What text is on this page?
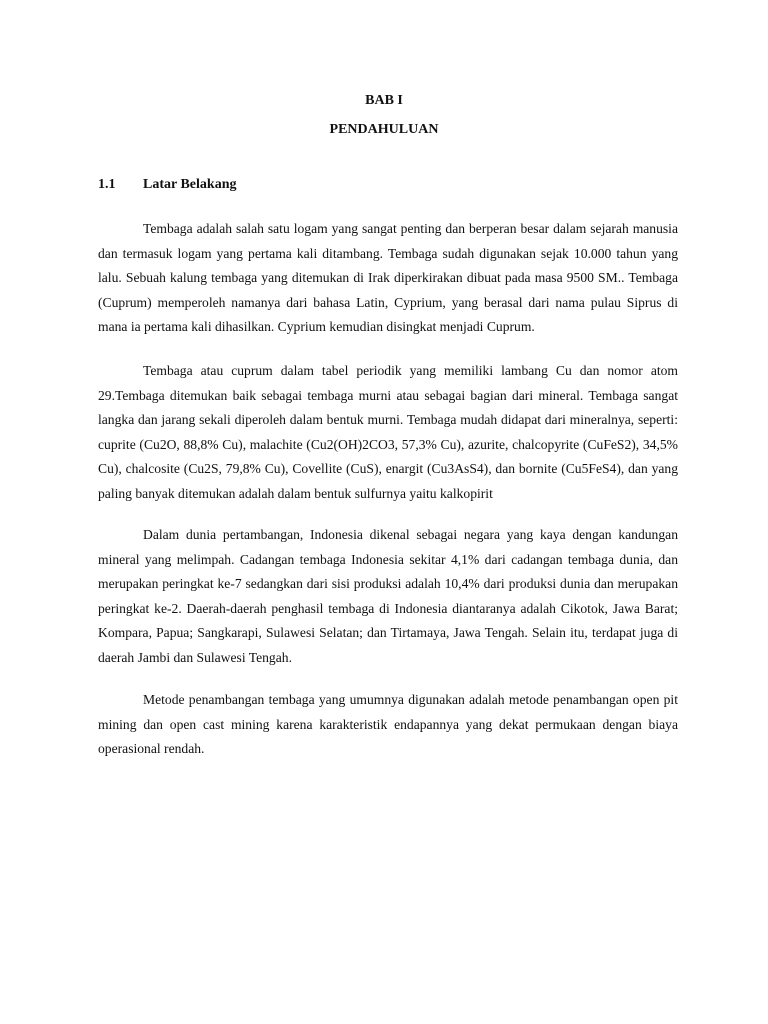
BAB I
PENDAHULUAN
1.1 Latar Belakang

Tembaga adalah salah satu logam yang sangat penting dan berperan besar dalam sejarah manusia dan termasuk logam yang pertama kali ditambang. Tembaga sudah digunakan sejak 10.000 tahun yang lalu. Sebuah kalung tembaga yang ditemukan di Irak diperkirakan dibuat pada masa 9500 SM.. Tembaga (Cuprum) memperoleh namanya dari bahasa Latin, Cyprium, yang berasal dari nama pulau Siprus di mana ia pertama kali dihasilkan. Cyprium kemudian disingkat menjadi Cuprum.

Tembaga atau cuprum dalam tabel periodik yang memiliki lambang Cu dan nomor atom 29.Tembaga ditemukan baik sebagai tembaga murni atau sebagai bagian dari mineral. Tembaga sangat langka dan jarang sekali diperoleh dalam bentuk murni. Tembaga mudah didapat dari mineralnya, seperti: cuprite (Cu2O, 88,8% Cu), malachite (Cu2(OH)2CO3, 57,3% Cu), azurite, chalcopyrite (CuFeS2), 34,5% Cu), chalcosite (Cu2S, 79,8% Cu), Covellite (CuS), enargit (Cu3AsS4), dan bornite (Cu5FeS4), dan yang paling banyak ditemukan adalah dalam bentuk sulfurnya yaitu kalkopirit

Dalam dunia pertambangan, Indonesia dikenal sebagai negara yang kaya dengan kandungan mineral yang melimpah. Cadangan tembaga Indonesia sekitar 4,1% dari cadangan tembaga dunia, dan merupakan peringkat ke-7 sedangkan dari sisi produksi adalah 10,4% dari produksi dunia dan merupakan peringkat ke-2. Daerah-daerah penghasil tembaga di Indonesia diantaranya adalah Cikotok, Jawa Barat; Kompara, Papua; Sangkarapi, Sulawesi Selatan; dan Tirtamaya, Jawa Tengah. Selain itu, terdapat juga di daerah Jambi dan Sulawesi Tengah.

Metode penambangan tembaga yang umumnya digunakan adalah metode penambangan open pit mining dan open cast mining karena karakteristik endapannya yang dekat permukaan dengan biaya operasional rendah.
